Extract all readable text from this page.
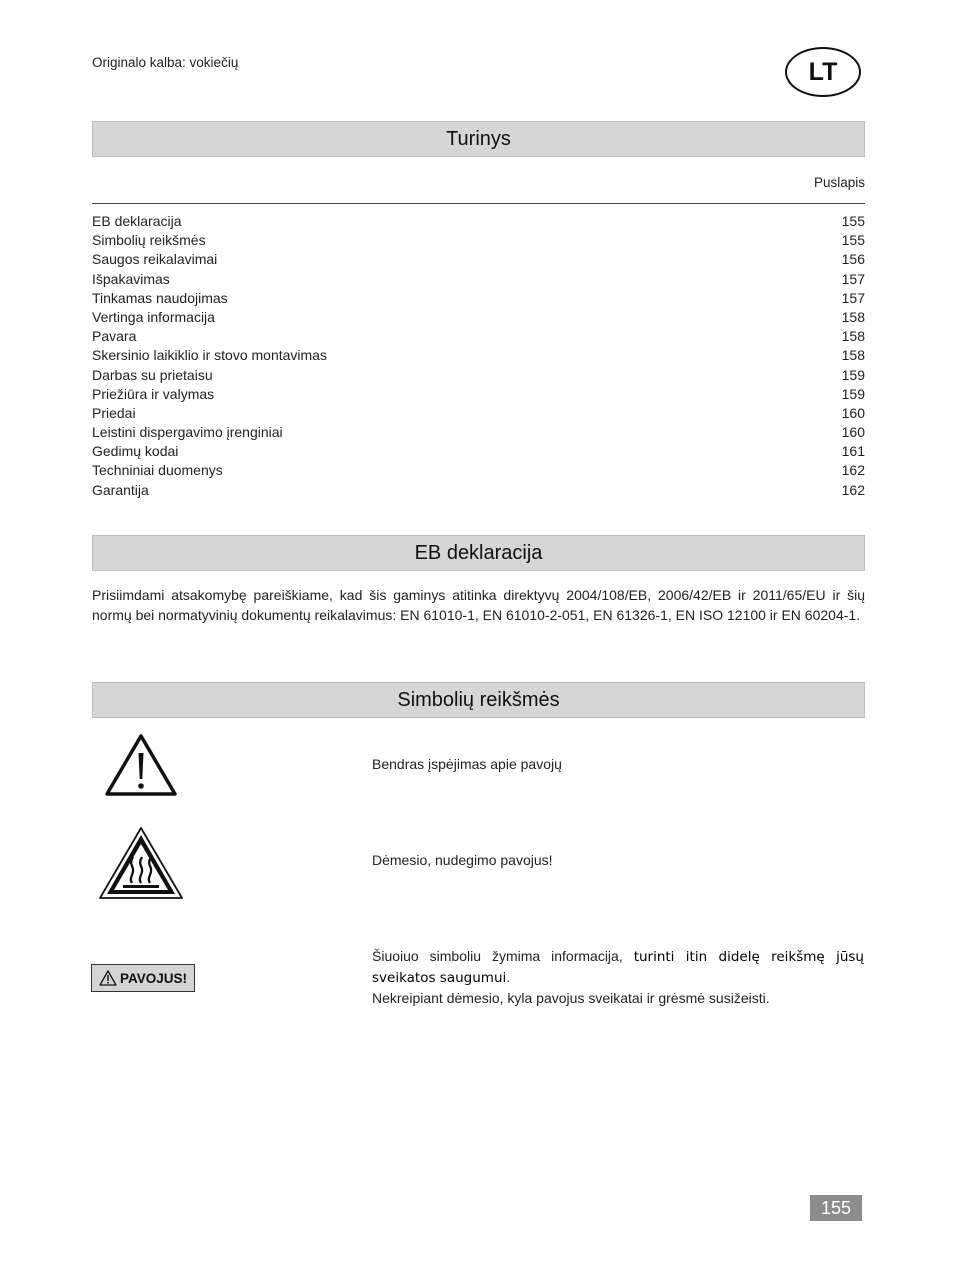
Originalo kalba: vokiečių	LT
Turinys
Puslapis
EB deklaracija	155
Simbolių reikšmės	155
Saugos reikalavimai	156
Išpakavimas	157
Tinkamas naudojimas	157
Vertinga informacija	158
Pavara	158
Skersinio laikiklio ir stovo montavimas	158
Darbas su prietaisu	159
Priežiūra ir valymas	159
Priedai	160
Leistini dispergavimo įrenginiai	160
Gedimų kodai	161
Techniniai duomenys	162
Garantija	162
EB deklaracija
Prisiimdami atsakomybę pareiškiame, kad šis gaminys atitinka direktyvų 2004/108/EB, 2006/42/EB ir 2011/65/EU ir šių normų bei normatyvinių dokumentų reikalavimus: EN 61010-1, EN 61010-2-051, EN 61326-1, EN ISO 12100 ir EN 60204-1.
Simbolių reikšmės
Bendras įspėjimas apie pavojų
Dėmesio, nudegimo pavojus!
PAVOJUS!
Šiuoiuo simboliu žymima informacija, turinti itin didelę reikšmę jūsų sveikatos saugumui.
Nekreipiant dėmesio, kyla pavojus sveikatai ir grėsmė susižeisti.
155
